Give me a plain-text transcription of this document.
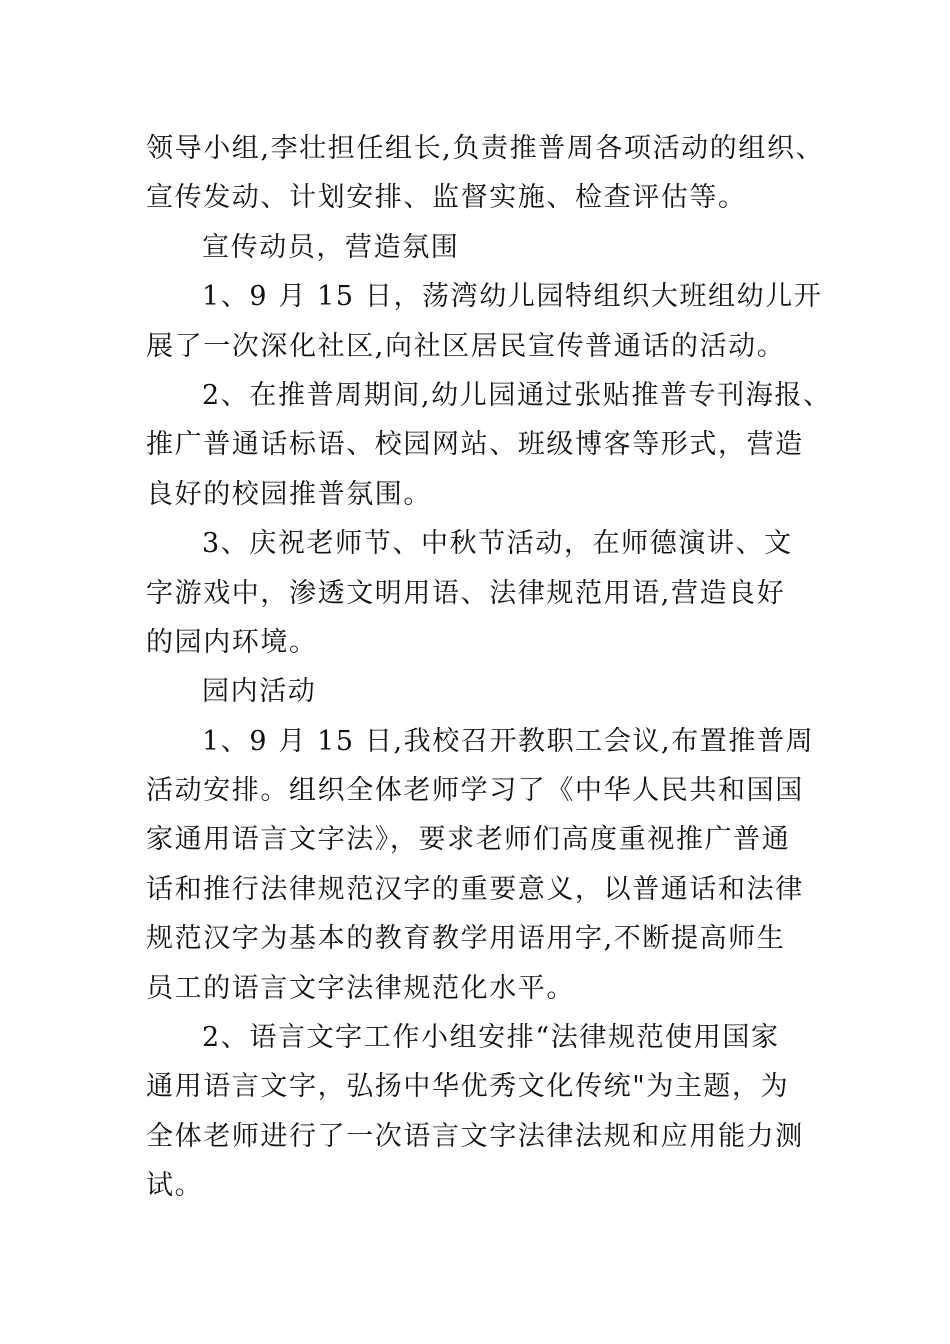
领导小组,李壮担任组长,负责推普周各项活动的组织、
宣传发动、计划安排、监督实施、检查评估等。
宣传动员，营造氛围
1、9 月 15 日，荡湾幼儿园特组织大班组幼儿开
展了一次深化社区,向社区居民宣传普通话的活动。
2、在推普周期间,幼儿园通过张贴推普专刊海报、
推广普通话标语、校园网站、班级博客等形式，营造
良好的校园推普氛围。
3、庆祝老师节、中秋节活动，在师德演讲、文
字游戏中，渗透文明用语、法律规范用语,营造良好
的园内环境。
园内活动
1、9 月 15 日,我校召开教职工会议,布置推普周
活动安排。组织全体老师学习了《中华人民共和国国
家通用语言文字法》，要求老师们高度重视推广普通
话和推行法律规范汉字的重要意义，以普通话和法律
规范汉字为基本的教育教学用语用字,不断提高师生
员工的语言文字法律规范化水平。
2、语言文字工作小组安排“法律规范使用国家
通用语言文字，弘扬中华优秀文化传统"为主题，为
全体老师进行了一次语言文字法律法规和应用能力测
试。
